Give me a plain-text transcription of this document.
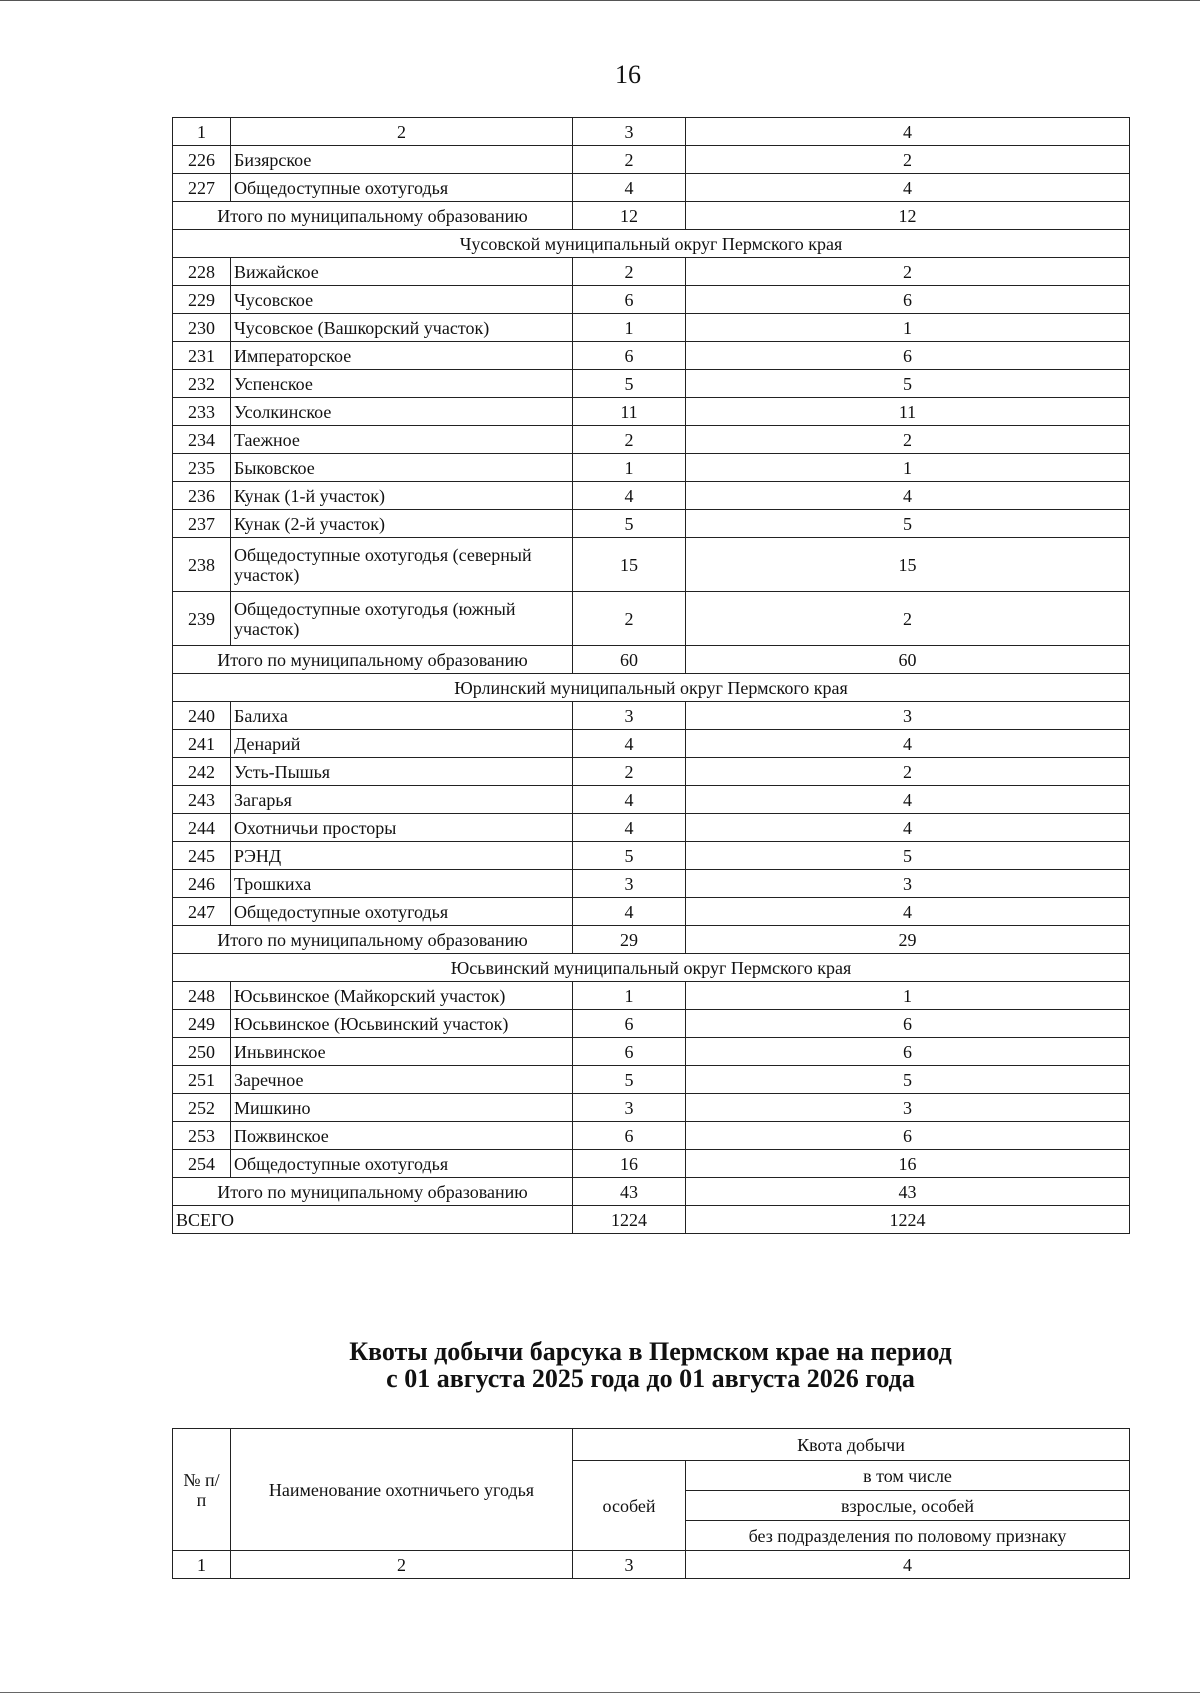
16
1	2	3	4
226	Бизярское	2	2
227	Общедоступные охотугодья	4	4
Итого по муниципальному образованию		12	12
Чусовской муниципальный округ Пермского края			
228	Вижайское	2	2
229	Чусовское	6	6
230	Чусовское (Вашкорский участок)	1	1
231	Императорское	6	6
232	Успенское	5	5
233	Усолкинское	11	11
234	Таежное	2	2
235	Быковское	1	1
236	Кунак (1-й участок)	4	4
237	Кунак (2-й участок)	5	5
238	Общедоступные охотугодья (северный участок)	15	15
239	Общедоступные охотугодья (южный участок)	2	2
Итого по муниципальному образованию		60	60
Юрлинский муниципальный округ Пермского края			
240	Балиха	3	3
241	Денарий	4	4
242	Усть-Пышья	2	2
243	Загарья	4	4
244	Охотничьи просторы	4	4
245	РЭНД	5	5
246	Трошкиха	3	3
247	Общедоступные охотугодья	4	4
Итого по муниципальному образованию		29	29
Юсьвинский муниципальный округ Пермского края			
248	Юсьвинское (Майкорский участок)	1	1
249	Юсьвинское (Юсьвинский участок)	6	6
250	Иньвинское	6	6
251	Заречное	5	5
252	Мишкино	3	3
253	Пожвинское	6	6
254	Общедоступные охотугодья	16	16
Итого по муниципальному образованию		43	43
ВСЕГО		1224	1224
Квоты добычи барсука в Пермском крае на период
с 01 августа 2025 года до 01 августа 2026 года
№ п/п	Наименование охотничьего угодья	Квота добычи	
		особей	в том числе
			взрослые, особей
			без подразделения по половому признаку
1	2	3	4
